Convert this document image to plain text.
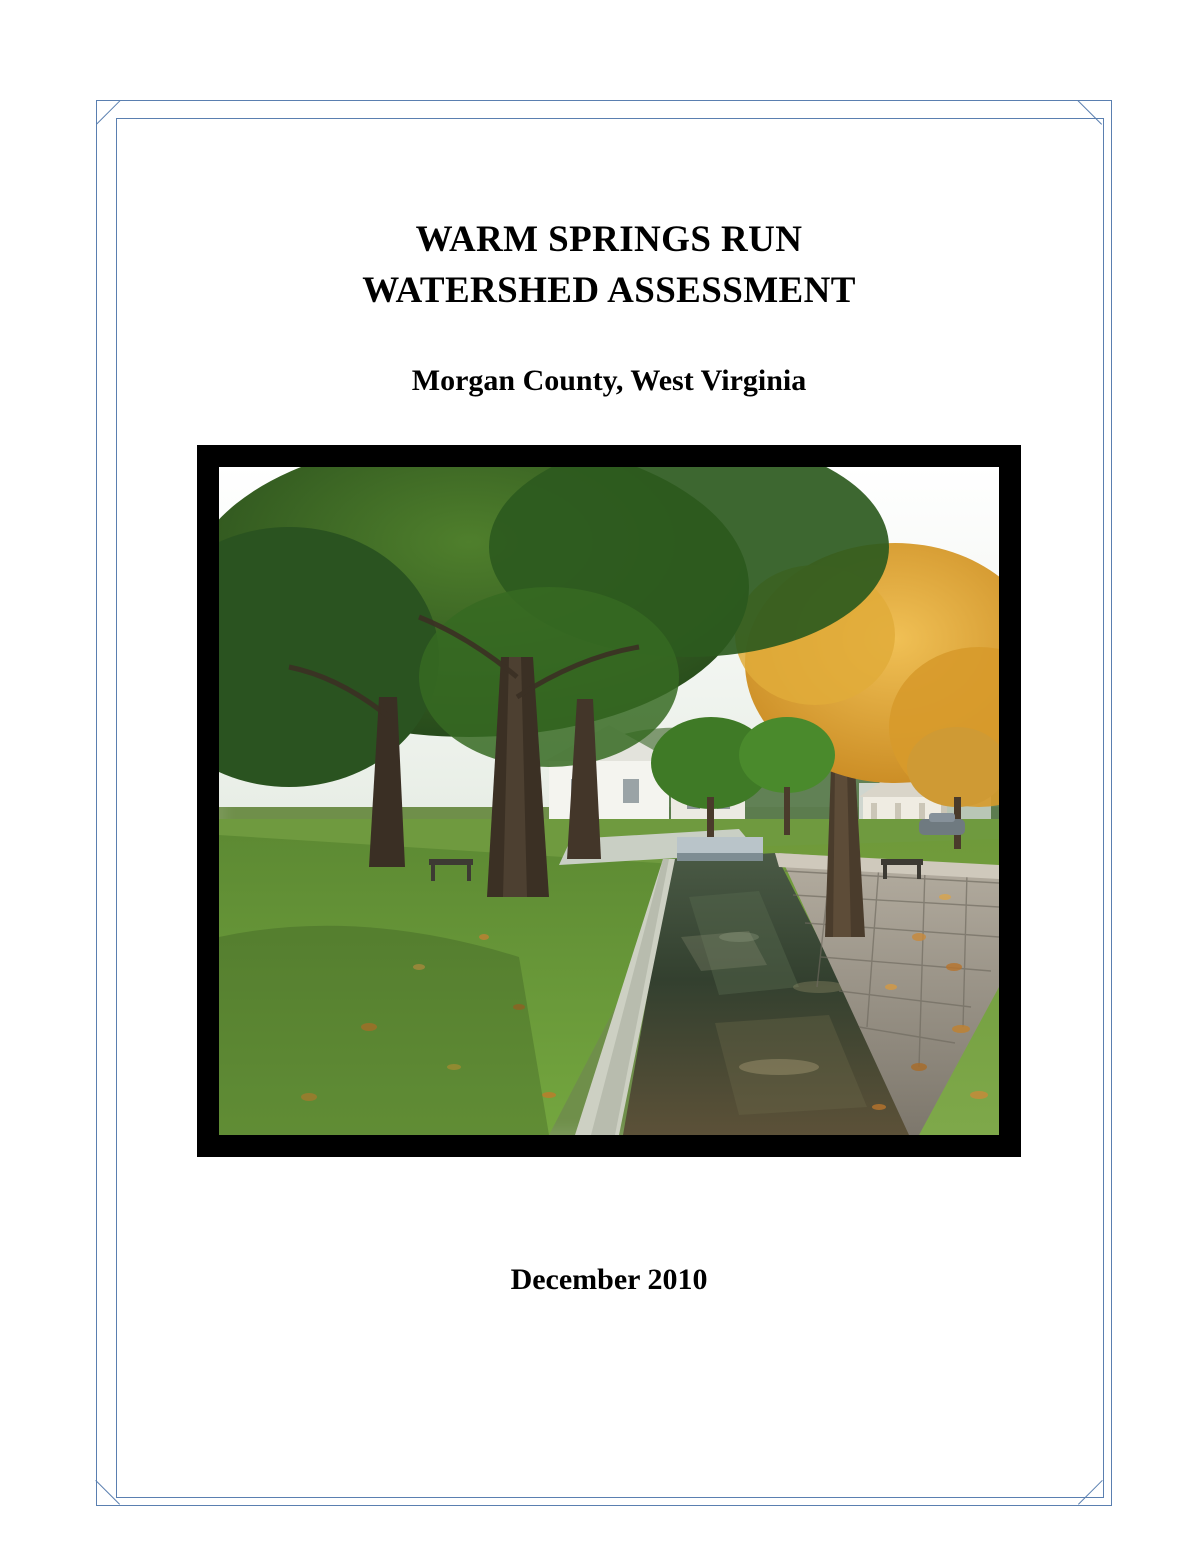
WARM SPRINGS RUN
WATERSHED ASSESSMENT
Morgan County, West Virginia

December 2010
